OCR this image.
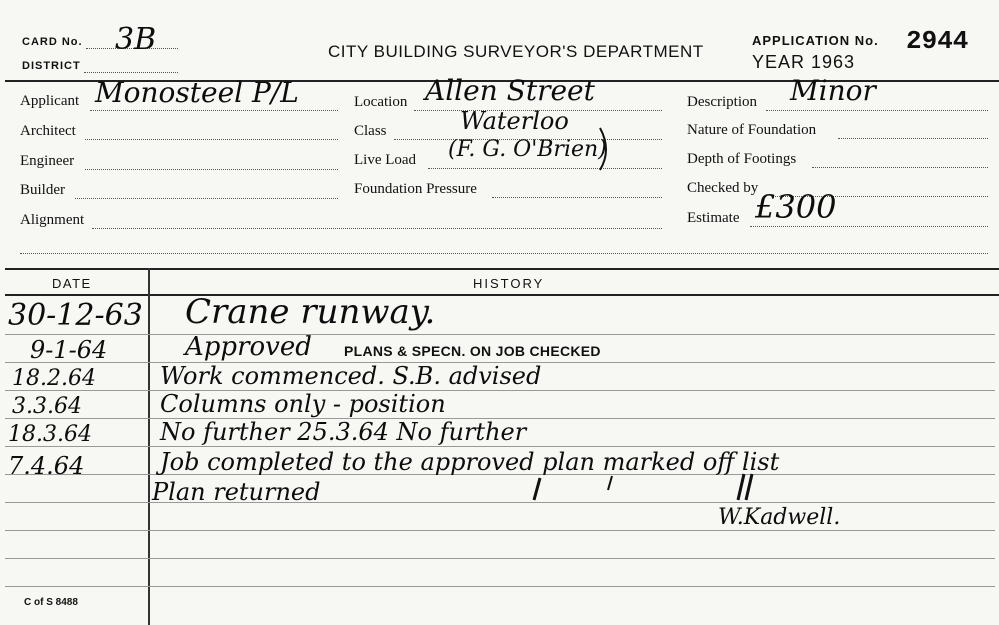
CARD No. 3B
DISTRICT
CITY BUILDING SURVEYOR'S DEPARTMENT
APPLICATION No. 2944
YEAR 1963
Applicant Monosteel P/L
Architect
Engineer
Builder
Alignment
Location Allen Street
Class	Waterloo
Live Load (F. G. O'Brien)
Foundation Pressure
Description Minor
Nature of Foundation
Depth of Footings
Checked by
Estimate £300
DATE	HISTORY
30-12-63 Crane runway.
9-1-64	Approved PLANS & SPECN. ON JOB CHECKED
18.2.64	Work commenced. S.B. advised
3.3.64	Columns only - position
18.3.64	No further 25.3.64 No further
7.4.64	Job completed to the approved plan marked off list
Plan returned
W.Kadwell.
C of S 8488
